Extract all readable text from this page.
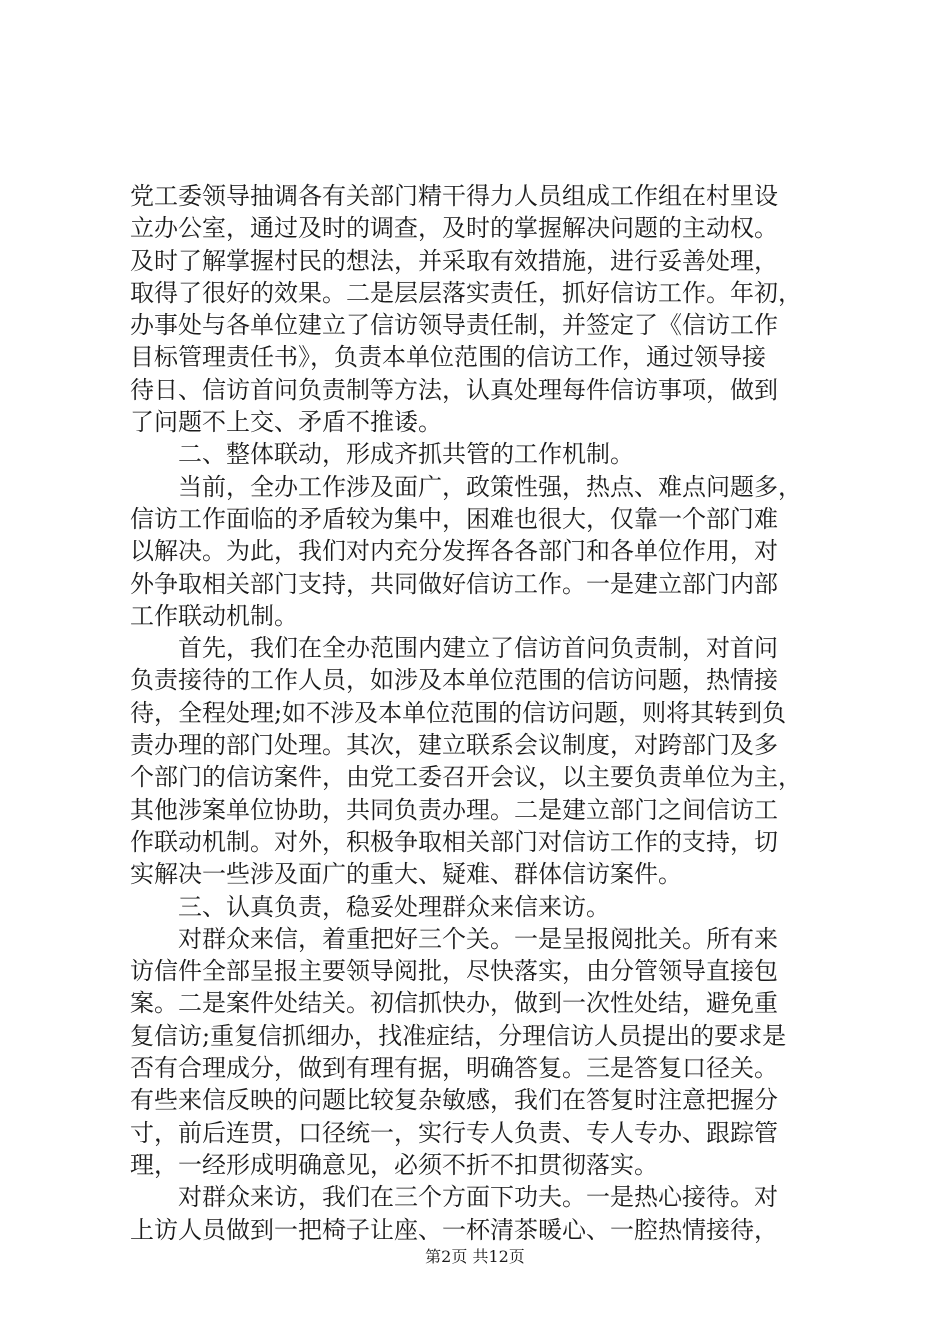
党工委领导抽调各有关部门精干得力人员组成工作组在村里设
立办公室，通过及时的调查，及时的掌握解决问题的主动权。
及时了解掌握村民的想法，并采取有效措施，进行妥善处理，
取得了很好的效果。二是层层落实责任，抓好信访工作。年初，
办事处与各单位建立了信访领导责任制，并签定了《信访工作
目标管理责任书》，负责本单位范围的信访工作，通过领导接
待日、信访首问负责制等方法，认真处理每件信访事项，做到
了问题不上交、矛盾不推诿。
　　二、整体联动，形成齐抓共管的工作机制。
　　当前，全办工作涉及面广，政策性强，热点、难点问题多，
信访工作面临的矛盾较为集中，困难也很大，仅靠一个部门难
以解决。为此，我们对内充分发挥各各部门和各单位作用，对
外争取相关部门支持，共同做好信访工作。一是建立部门内部
工作联动机制。
　　首先，我们在全办范围内建立了信访首问负责制，对首问
负责接待的工作人员，如涉及本单位范围的信访问题，热情接
待，全程处理;如不涉及本单位范围的信访问题，则将其转到负
责办理的部门处理。其次，建立联系会议制度，对跨部门及多
个部门的信访案件，由党工委召开会议，以主要负责单位为主，
其他涉案单位协助，共同负责办理。二是建立部门之间信访工
作联动机制。对外，积极争取相关部门对信访工作的支持，切
实解决一些涉及面广的重大、疑难、群体信访案件。
　　三、认真负责，稳妥处理群众来信来访。
　　对群众来信，着重把好三个关。一是呈报阅批关。所有来
访信件全部呈报主要领导阅批，尽快落实，由分管领导直接包
案。二是案件处结关。初信抓快办，做到一次性处结，避免重
复信访;重复信抓细办，找准症结，分理信访人员提出的要求是
否有合理成分，做到有理有据，明确答复。三是答复口径关。
有些来信反映的问题比较复杂敏感，我们在答复时注意把握分
寸，前后连贯，口径统一，实行专人负责、专人专办、跟踪管
理，一经形成明确意见，必须不折不扣贯彻落实。
　　对群众来访，我们在三个方面下功夫。一是热心接待。对
上访人员做到一把椅子让座、一杯清茶暖心、一腔热情接待，
第2页 共12页
